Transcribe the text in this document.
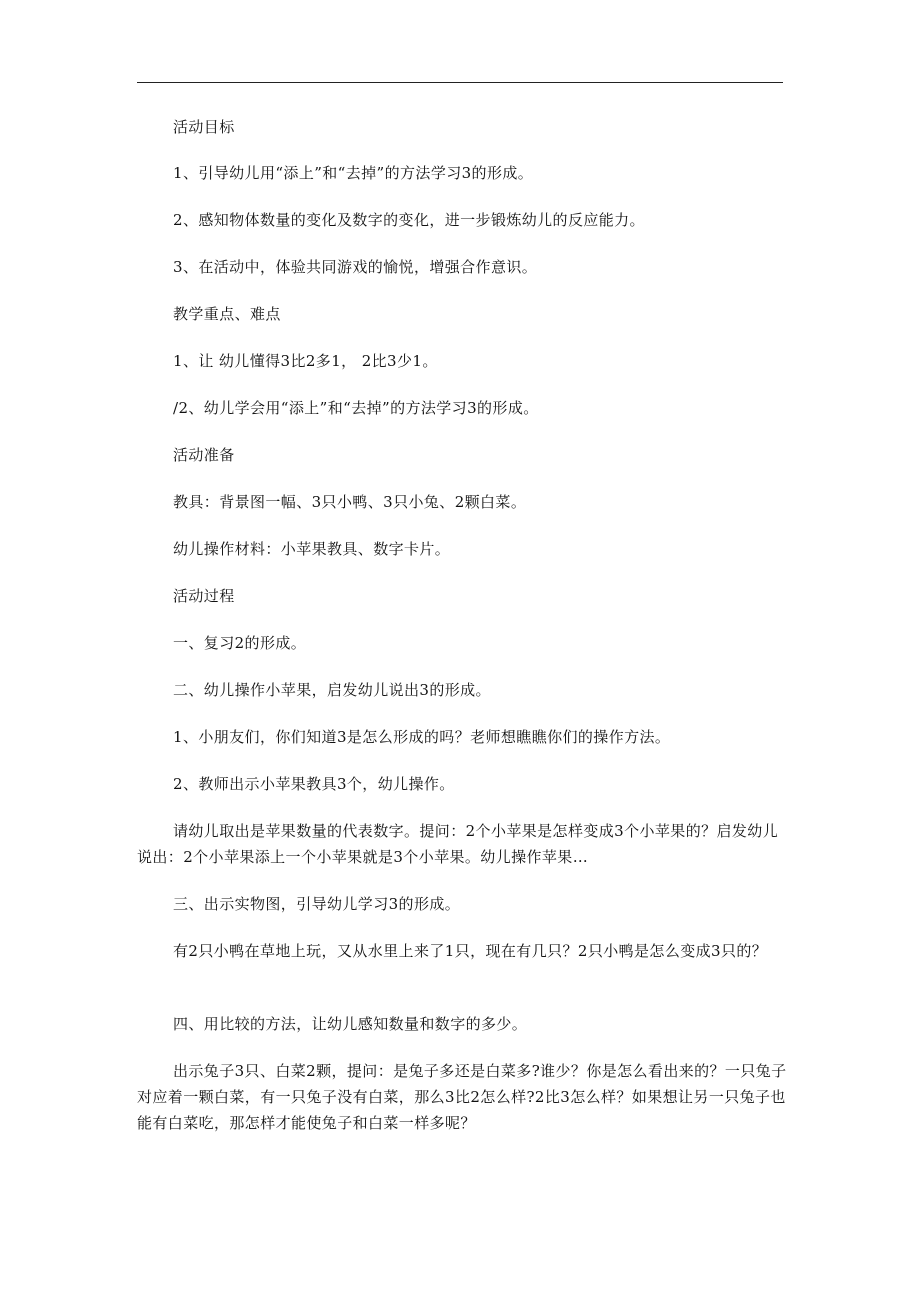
活动目标
1、引导幼儿用“添上”和“去掉”的方法学习3的形成。
2、感知物体数量的变化及数字的变化，进一步锻炼幼儿的反应能力。
3、在活动中，体验共同游戏的愉悦，增强合作意识。
教学重点、难点
1、让 幼儿懂得3比2多1， 2比3少1。
/2、幼儿学会用“添上”和“去掉”的方法学习3的形成。
活动准备
教具：背景图一幅、3只小鸭、3只小兔、2颗白菜。
幼儿操作材料：小苹果教具、数字卡片。
活动过程
一、复习2的形成。
二、幼儿操作小苹果，启发幼儿说出3的形成。
1、小朋友们，你们知道3是怎么形成的吗？老师想瞧瞧你们的操作方法。
2、教师出示小苹果教具3个，幼儿操作。
请幼儿取出是苹果数量的代表数字。提问：2个小苹果是怎样变成3个小苹果的？启发幼儿说出：2个小苹果添上一个小苹果就是3个小苹果。幼儿操作苹果…
三、出示实物图，引导幼儿学习3的形成。
有2只小鸭在草地上玩，又从水里上来了1只，现在有几只？2只小鸭是怎么变成3只的？
四、用比较的方法，让幼儿感知数量和数字的多少。
出示兔子3只、白菜2颗，提问：是兔子多还是白菜多?谁少？你是怎么看出来的？一只兔子对应着一颗白菜，有一只兔子没有白菜，那么3比2怎么样?2比3怎么样？如果想让另一只兔子也能有白菜吃，那怎样才能使兔子和白菜一样多呢？
